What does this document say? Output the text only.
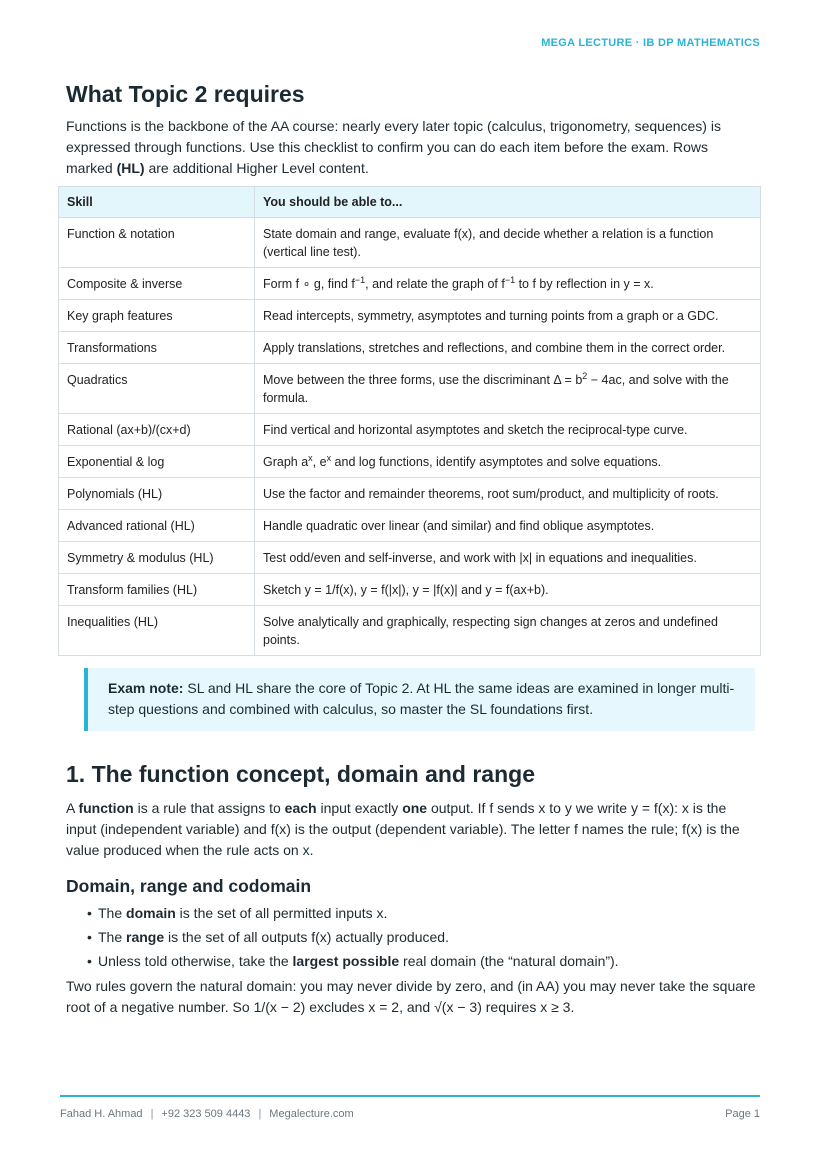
MEGA LECTURE · IB DP MATHEMATICS
What Topic 2 requires

Functions is the backbone of the AA course: nearly every later topic (calculus, trigonometry, sequences) is expressed through functions. Use this checklist to confirm you can do each item before the exam. Rows marked (HL) are additional Higher Level content.

Skill	You should be able to...
Function & notation	State domain and range, evaluate f(x), and decide whether a relation is a function (vertical line test).
Composite & inverse	Form f ∘ g, find $f^{-1}$, and relate the graph of $f^{-1}$ to f by reflection in y = x.
Key graph features	Read intercepts, symmetry, asymptotes and turning points from a graph or a GDC.
Transformations	Apply translations, stretches and reflections, and combine them in the correct order.
Quadratics	Move between the three forms, use the discriminant $\Delta = b^2 - 4ac$, and solve with the formula.
Rational (ax+b)/(cx+d)	Find vertical and horizontal asymptotes and sketch the reciprocal-type curve.
Exponential & log	Graph $a^x$, $e^x$ and log functions, identify asymptotes and solve equations.
Polynomials (HL)	Use the factor and remainder theorems, root sum/product, and multiplicity of roots.
Advanced rational (HL)	Handle quadratic over linear (and similar) and find oblique asymptotes.
Symmetry & modulus (HL)	Test odd/even and self-inverse, and work with |x| in equations and inequalities.
Transform families (HL)	Sketch y = 1/f(x), y = f(|x|), y = |f(x)| and y = f(ax+b).
Inequalities (HL)	Solve analytically and graphically, respecting sign changes at zeros and undefined points.
Exam note: SL and HL share the core of Topic 2. At HL the same ideas are examined in longer multi-step questions and combined with calculus, so master the SL foundations first.
1. The function concept, domain and range

A function is a rule that assigns to each input exactly one output. If f sends x to y we write y = f(x): x is the input (independent variable) and f(x) is the output (dependent variable). The letter f names the rule; f(x) is the value produced when the rule acts on x.

Domain, range and codomain
• The domain is the set of all permitted inputs x.
• The range is the set of all outputs f(x) actually produced.
• Unless told otherwise, take the largest possible real domain (the “natural domain”).

Two rules govern the natural domain: you may never divide by zero, and (in AA) you may never take the square root of a negative number. So 1/(x − 2) excludes x = 2, and √(x − 3) requires x ≥ 3.

Fahad H. Ahmad | +92 323 509 4443 | Megalecture.com	Page 1
